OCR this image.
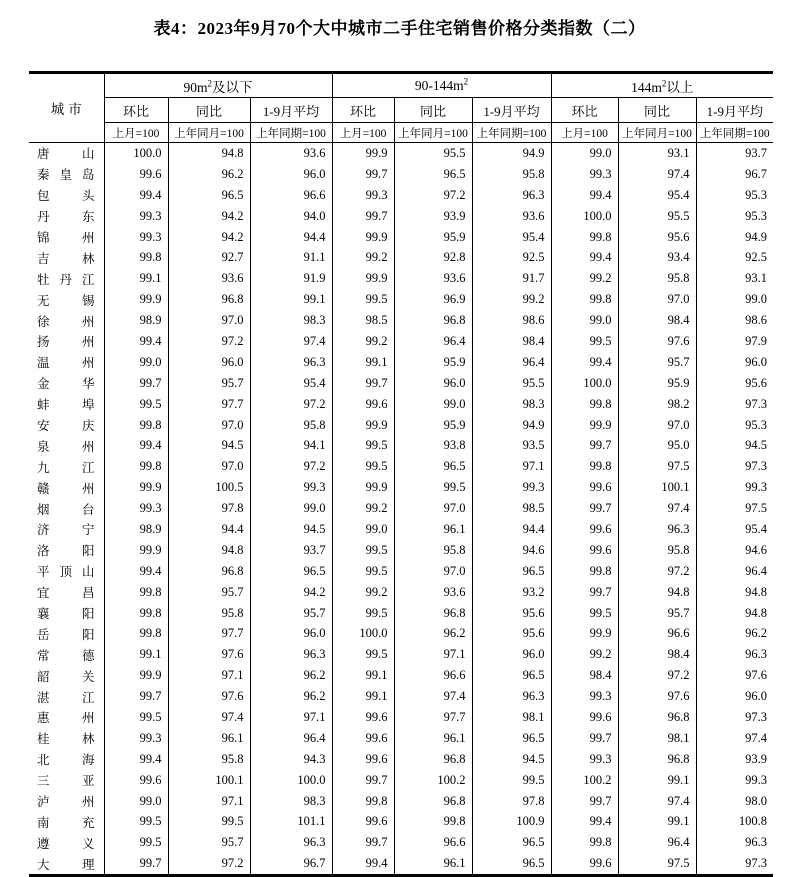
表4：2023年9月70个大中城市二手住宅销售价格分类指数（二）
城市	$90m^2$及以下			$90-144m^2$			$144m^2$以上		
	环比	同比	1-9月平均	环比	同比	1-9月平均	环比	同比	1-9月平均
	上月=100	上年同月=100	上年同期=100	上月=100	上年同月=100	上年同期=100	上月=100	上年同月=100	上年同期=100

唐 山	100.0	94.8	93.6	99.9	95.5	94.9	99.0	93.1	93.7

秦 皇 岛	99.6	96.2	96.0	99.7	96.5	95.8	99.3	97.4	96.7

包 头	99.4	96.5	96.6	99.3	97.2	96.3	99.4	95.4	95.3

丹 东	99.3	94.2	94.0	99.7	93.9	93.6	100.0	95.5	95.3

锦 州	99.3	94.2	94.4	99.9	95.9	95.4	99.8	95.6	94.9

吉 林	99.8	92.7	91.1	99.2	92.8	92.5	99.4	93.4	92.5

牡 丹 江	99.1	93.6	91.9	99.9	93.6	91.7	99.2	95.8	93.1

无 锡	99.9	96.8	99.1	99.5	96.9	99.2	99.8	97.0	99.0

徐 州	98.9	97.0	98.3	98.5	96.8	98.6	99.0	98.4	98.6

扬 州	99.4	97.2	97.4	99.2	96.4	98.4	99.5	97.6	97.9

温 州	99.0	96.0	96.3	99.1	95.9	96.4	99.4	95.7	96.0

金 华	99.7	95.7	95.4	99.7	96.0	95.5	100.0	95.9	95.6

蚌 埠	99.5	97.7	97.2	99.6	99.0	98.3	99.8	98.2	97.3

安 庆	99.8	97.0	95.8	99.9	95.9	94.9	99.9	97.0	95.3

泉 州	99.4	94.5	94.1	99.5	93.8	93.5	99.7	95.0	94.5

九 江	99.8	97.0	97.2	99.5	96.5	97.1	99.8	97.5	97.3

赣 州	99.9	100.5	99.3	99.9	99.5	99.3	99.6	100.1	99.3

烟 台	99.3	97.8	99.0	99.2	97.0	98.5	99.7	97.4	97.5

济 宁	98.9	94.4	94.5	99.0	96.1	94.4	99.6	96.3	95.4

洛 阳	99.9	94.8	93.7	99.5	95.8	94.6	99.6	95.8	94.6

平 顶 山	99.4	96.8	96.5	99.5	97.0	96.5	99.8	97.2	96.4

宜 昌	99.8	95.7	94.2	99.2	93.6	93.2	99.7	94.8	94.8

襄 阳	99.8	95.8	95.7	99.5	96.8	95.6	99.5	95.7	94.8

岳 阳	99.8	97.7	96.0	100.0	96.2	95.6	99.9	96.6	96.2

常 德	99.1	97.6	96.3	99.5	97.1	96.0	99.2	98.4	96.3

韶 关	99.9	97.1	96.2	99.1	96.6	96.5	98.4	97.2	97.6

湛 江	99.7	97.6	96.2	99.1	97.4	96.3	99.3	97.6	96.0

惠 州	99.5	97.4	97.1	99.6	97.7	98.1	99.6	96.8	97.3

桂 林	99.3	96.1	96.4	99.6	96.1	96.5	99.7	98.1	97.4

北 海	99.4	95.8	94.3	99.6	96.8	94.5	99.3	96.8	93.9

三 亚	99.6	100.1	100.0	99.7	100.2	99.5	100.2	99.1	99.3

泸 州	99.0	97.1	98.3	99.8	96.8	97.8	99.7	97.4	98.0

南 充	99.5	99.5	101.1	99.6	99.8	100.9	99.4	99.1	100.8

遵 义	99.5	95.7	96.3	99.7	96.6	96.5	99.8	96.4	96.3

大 理	99.7	97.2	96.7	99.4	96.1	96.5	99.6	97.5	97.3
